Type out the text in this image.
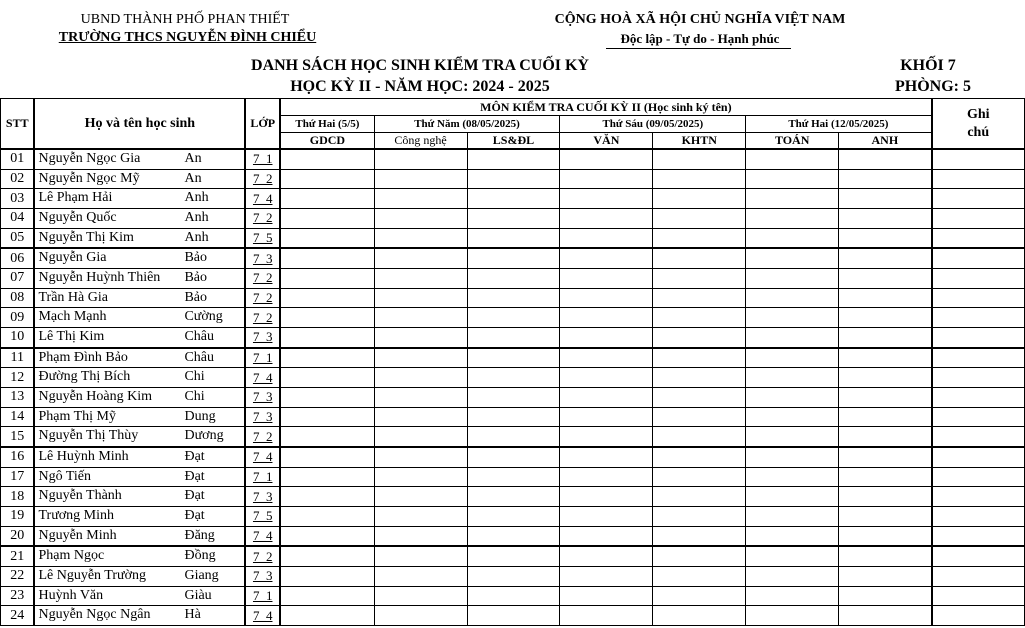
UBND THÀNH PHỐ PHAN THIẾT
TRƯỜNG THCS NGUYỄN ĐÌNH CHIỂU
CỘNG HOÀ XÃ HỘI CHỦ NGHĨA VIỆT NAM
Độc lập - Tự do - Hạnh phúc
DANH SÁCH HỌC SINH KIỂM TRA CUỐI KỲ
HỌC KỲ II - NĂM HỌC: 2024 - 2025
KHỐI 7
PHÒNG: 5
STT	Họ và tên học sinh	LỚP	MÔN KIỂM TRA CUỐI KỲ II (Học sinh ký tên)							Ghi chú
			Thứ Hai (5/5)	Thứ Năm (08/05/2025)		Thứ Sáu (09/05/2025)		Thứ Hai (12/05/2025)		
			GDCD	Công nghệ	LS&ĐL	VĂN	KHTN	TOÁN	ANH	
01	Nguyễn Ngọc Gia An	7_1								
02	Nguyễn Ngọc Mỹ An	7_2								
03	Lê Phạm Hải Anh	7_4								
04	Nguyễn Quốc Anh	7_2								
05	Nguyễn Thị Kim Anh	7_5								
06	Nguyễn Gia Bảo	7_3								
07	Nguyễn Huỳnh Thiên Bảo	7_2								
08	Trần Hà Gia Bảo	7_2								
09	Mạch Mạnh Cường	7_2								
10	Lê Thị Kim Châu	7_3								
11	Phạm Đình Bảo Châu	7_1								
12	Đường Thị Bích Chi	7_4								
13	Nguyễn Hoàng Kim Chi	7_3								
14	Phạm Thị Mỹ Dung	7_3								
15	Nguyễn Thị Thùy Dương	7_2								
16	Lê Huỳnh Minh Đạt	7_4								
17	Ngô Tiến Đạt	7_1								
18	Nguyễn Thành Đạt	7_3								
19	Trương Minh Đạt	7_5								
20	Nguyễn Minh Đăng	7_4								
21	Phạm Ngọc Đồng	7_2								
22	Lê Nguyễn Trường Giang	7_3								
23	Huỳnh Văn Giàu	7_1								
24	Nguyễn Ngọc Ngân Hà	7_4								
